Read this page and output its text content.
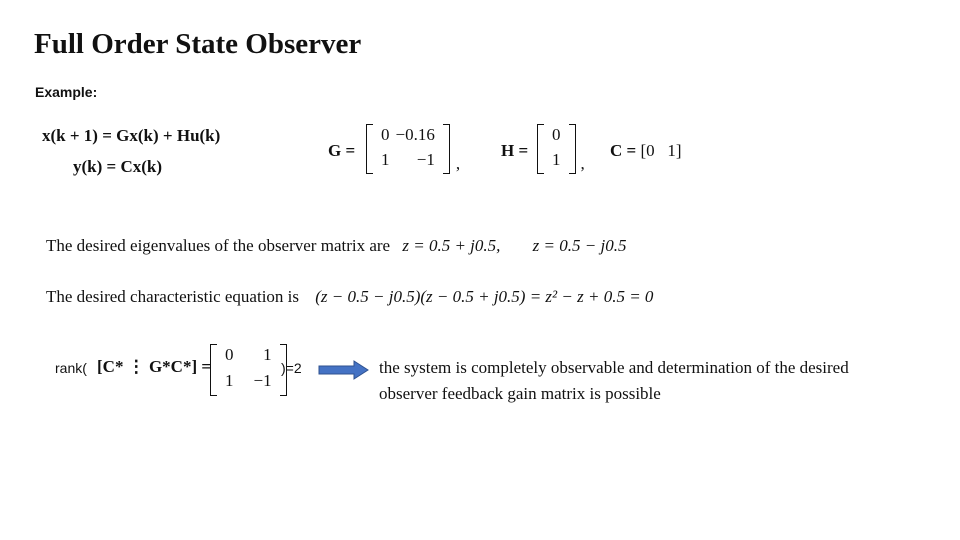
Full Order State Observer
Example:
x(k + 1) = Gx(k) + Hu(k)
y(k) = Cx(k)
G =
0 −0.16
1	−1 ,
H =
0
1 ,
C = [0   1]
The desired eigenvalues of the observer matrix are z = 0.5 + j0.5, z = 0.5 − j0.5
The desired characteristic equation is (z − 0.5 − j0.5)(z − 0.5 + j0.5) = z² − z + 0.5 = 0
rank( [C* ⋮ G*C*] =
0	1
1 −1
)=2	the system is completely observable and determination of the desired
observer feedback gain matrix is possible
